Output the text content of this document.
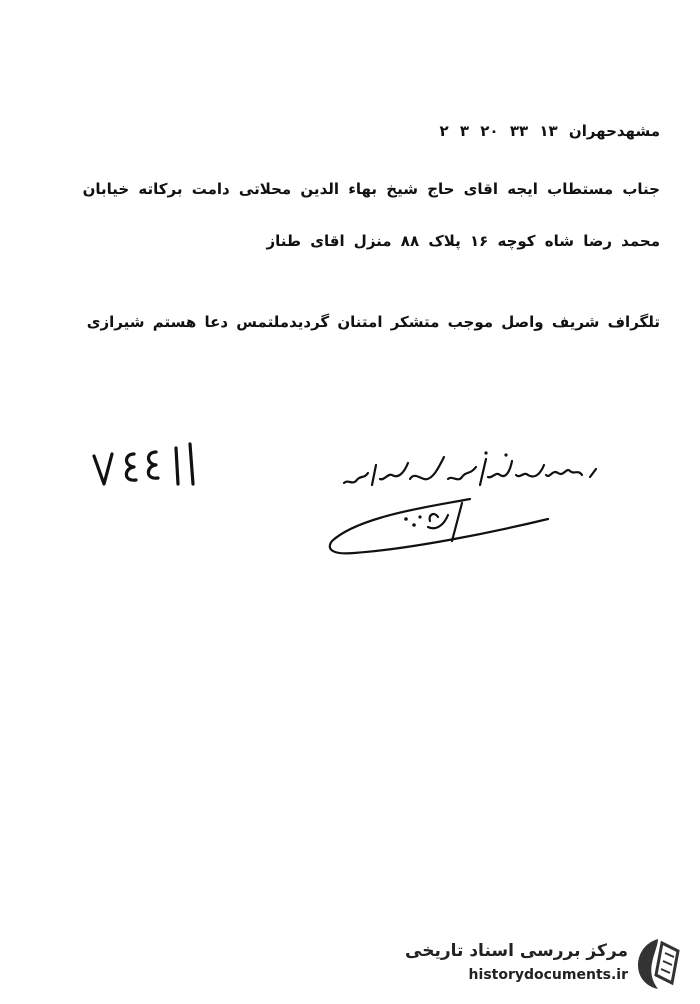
مشهدحهران ۱۳ ۳۳ ۲۰ ۳ ۲
جناب مستطاب ایجه اقای حاج شیخ بهاء الدین محلاتی دامت برکاته خیابان
محمد رضا شاه کوچه ۱۶ پلاک ۸۸ منزل اقای طناز
تلگراف شریف واصل موجب متشکر امتنان گردیدملتمس دعا هستم شیرازی
مرکز بررسی اسناد تاریخی
historydocuments.ir
